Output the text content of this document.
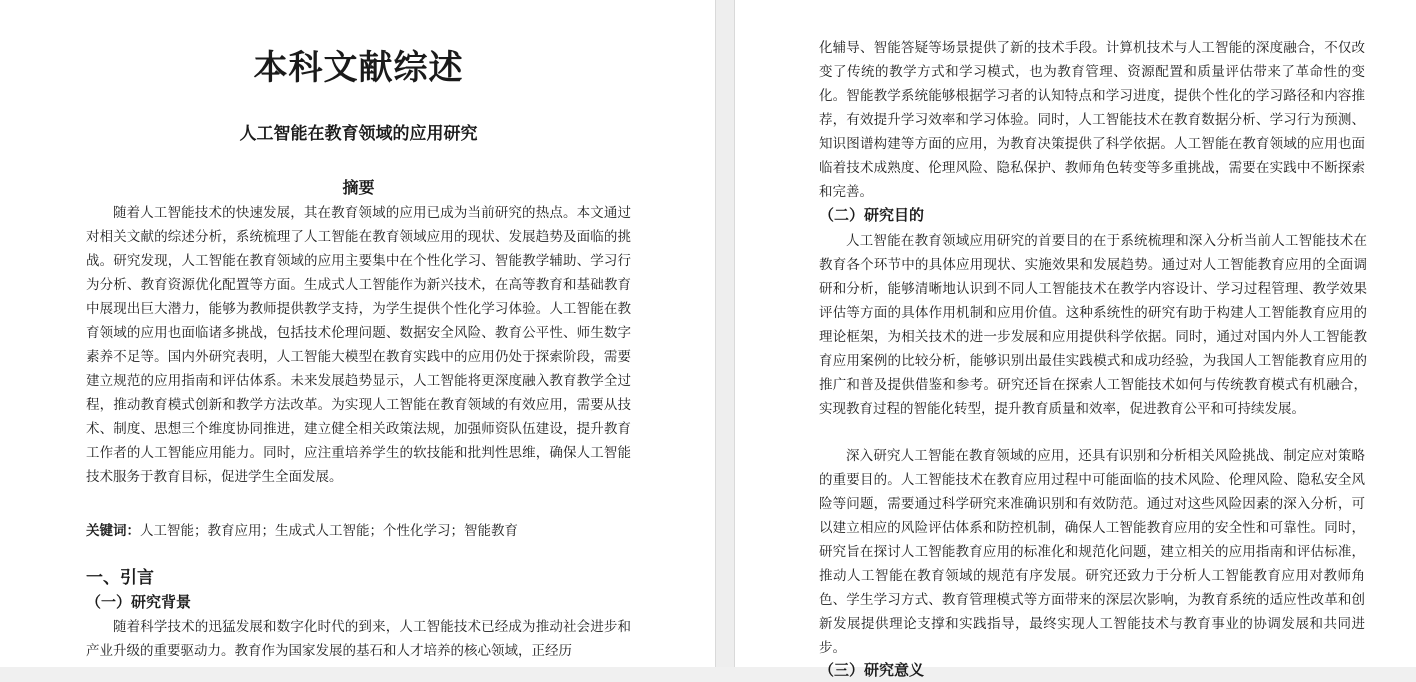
本科文献综述
人工智能在教育领域的应用研究
摘要

随着人工智能技术的快速发展，其在教育领域的应用已成为当前研究的热点。本文通过对相关文献的综述分析，系统梳理了人工智能在教育领域应用的现状、发展趋势及面临的挑战。研究发现，人工智能在教育领域的应用主要集中在个性化学习、智能教学辅助、学习行为分析、教育资源优化配置等方面。生成式人工智能作为新兴技术，在高等教育和基础教育中展现出巨大潜力，能够为教师提供教学支持，为学生提供个性化学习体验。人工智能在教育领域的应用也面临诸多挑战，包括技术伦理问题、数据安全风险、教育公平性、师生数字素养不足等。国内外研究表明，人工智能大模型在教育实践中的应用仍处于探索阶段，需要建立规范的应用指南和评估体系。未来发展趋势显示，人工智能将更深度融入教育教学全过程，推动教育模式创新和教学方法改革。为实现人工智能在教育领域的有效应用，需要从技术、制度、思想三个维度协同推进，建立健全相关政策法规，加强师资队伍建设，提升教育工作者的人工智能应用能力。同时，应注重培养学生的软技能和批判性思维，确保人工智能技术服务于教育目标，促进学生全面发展。

关键词：人工智能；教育应用；生成式人工智能；个性化学习；智能教育

一、引言
（一）研究背景

随着科学技术的迅猛发展和数字化时代的到来，人工智能技术已经成为推动社会进步和产业升级的重要驱动力。教育作为国家发展的基石和人才培养的核心领域，正经历

化辅导、智能答疑等场景提供了新的技术手段。计算机技术与人工智能的深度融合，不仅改变了传统的教学方式和学习模式，也为教育管理、资源配置和质量评估带来了革命性的变化。智能教学系统能够根据学习者的认知特点和学习进度，提供个性化的学习路径和内容推荐，有效提升学习效率和学习体验。同时，人工智能技术在教育数据分析、学习行为预测、知识图谱构建等方面的应用，为教育决策提供了科学依据。人工智能在教育领域的应用也面临着技术成熟度、伦理风险、隐私保护、教师角色转变等多重挑战，需要在实践中不断探索和完善。

（二）研究目的

人工智能在教育领域应用研究的首要目的在于系统梳理和深入分析当前人工智能技术在教育各个环节中的具体应用现状、实施效果和发展趋势。通过对人工智能教育应用的全面调研和分析，能够清晰地认识到不同人工智能技术在教学内容设计、学习过程管理、教学效果评估等方面的具体作用机制和应用价值。这种系统性的研究有助于构建人工智能教育应用的理论框架，为相关技术的进一步发展和应用提供科学依据。同时，通过对国内外人工智能教育应用案例的比较分析，能够识别出最佳实践模式和成功经验，为我国人工智能教育应用的推广和普及提供借鉴和参考。研究还旨在探索人工智能技术如何与传统教育模式有机融合，实现教育过程的智能化转型，提升教育质量和效率，促进教育公平和可持续发展。

深入研究人工智能在教育领域的应用，还具有识别和分析相关风险挑战、制定应对策略的重要目的。人工智能技术在教育应用过程中可能面临的技术风险、伦理风险、隐私安全风险等问题，需要通过科学研究来准确识别和有效防范。通过对这些风险因素的深入分析，可以建立相应的风险评估体系和防控机制，确保人工智能教育应用的安全性和可靠性。同时，研究旨在探讨人工智能教育应用的标准化和规范化问题，建立相关的应用指南和评估标准，推动人工智能在教育领域的规范有序发展。研究还致力于分析人工智能教育应用对教师角色、学生学习方式、教育管理模式等方面带来的深层次影响，为教育系统的适应性改革和创新发展提供理论支撑和实践指导，最终实现人工智能技术与教育事业的协调发展和共同进步。

（三）研究意义
